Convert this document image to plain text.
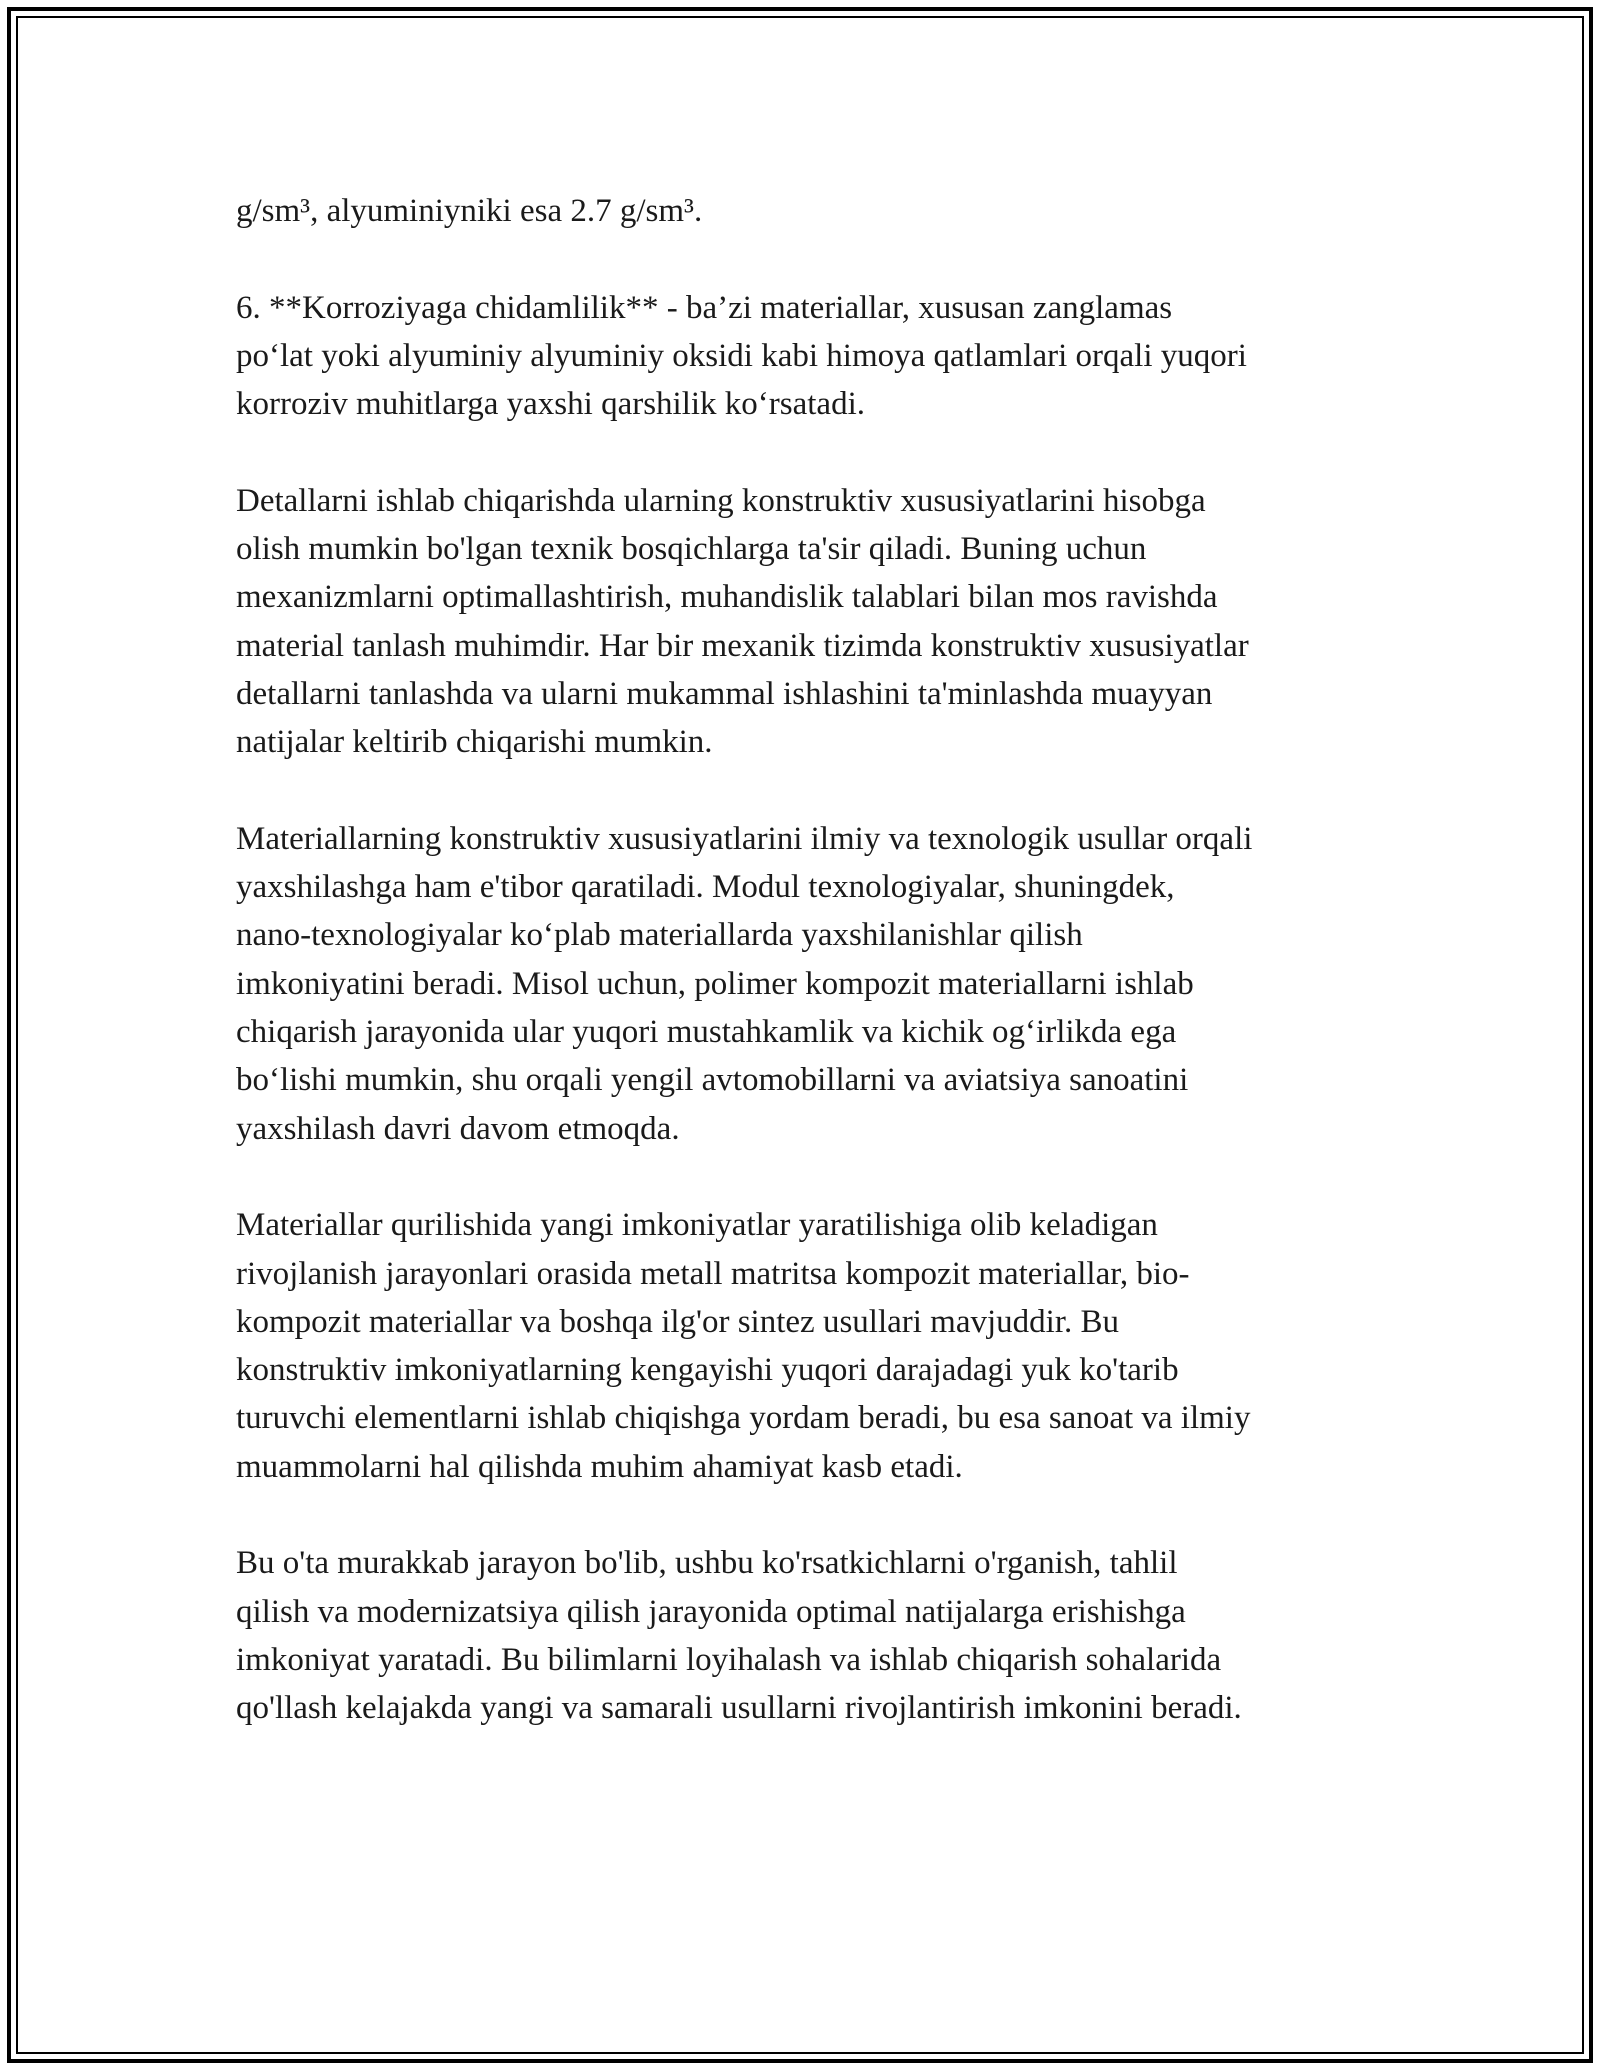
g/sm³, alyuminiyniki esa 2.7 g/sm³.

6. **Korroziyaga chidamlilik** - ba’zi materiallar, xususan zanglamas
po‘lat yoki alyuminiy alyuminiy oksidi kabi himoya qatlamlari orqali yuqori
korroziv muhitlarga yaxshi qarshilik ko‘rsatadi.

Detallarni ishlab chiqarishda ularning konstruktiv xususiyatlarini hisobga
olish mumkin bo'lgan texnik bosqichlarga ta'sir qiladi. Buning uchun
mexanizmlarni optimallashtirish, muhandislik talablari bilan mos ravishda
material tanlash muhimdir. Har bir mexanik tizimda konstruktiv xususiyatlar
detallarni tanlashda va ularni mukammal ishlashini ta'minlashda muayyan
natijalar keltirib chiqarishi mumkin.

Materiallarning konstruktiv xususiyatlarini ilmiy va texnologik usullar orqali
yaxshilashga ham e'tibor qaratiladi. Modul texnologiyalar, shuningdek,
nano-texnologiyalar ko‘plab materiallarda yaxshilanishlar qilish
imkoniyatini beradi. Misol uchun, polimer kompozit materiallarni ishlab
chiqarish jarayonida ular yuqori mustahkamlik va kichik og‘irlikda ega
bo‘lishi mumkin, shu orqali yengil avtomobillarni va aviatsiya sanoatini
yaxshilash davri davom etmoqda.

Materiallar qurilishida yangi imkoniyatlar yaratilishiga olib keladigan
rivojlanish jarayonlari orasida metall matritsa kompozit materiallar, bio-
kompozit materiallar va boshqa ilg'or sintez usullari mavjuddir. Bu
konstruktiv imkoniyatlarning kengayishi yuqori darajadagi yuk ko'tarib
turuvchi elementlarni ishlab chiqishga yordam beradi, bu esa sanoat va ilmiy
muammolarni hal qilishda muhim ahamiyat kasb etadi.

Bu o'ta murakkab jarayon bo'lib, ushbu ko'rsatkichlarni o'rganish, tahlil
qilish va modernizatsiya qilish jarayonida optimal natijalarga erishishga
imkoniyat yaratadi. Bu bilimlarni loyihalash va ishlab chiqarish sohalarida
qo'llash kelajakda yangi va samarali usullarni rivojlantirish imkonini beradi.
